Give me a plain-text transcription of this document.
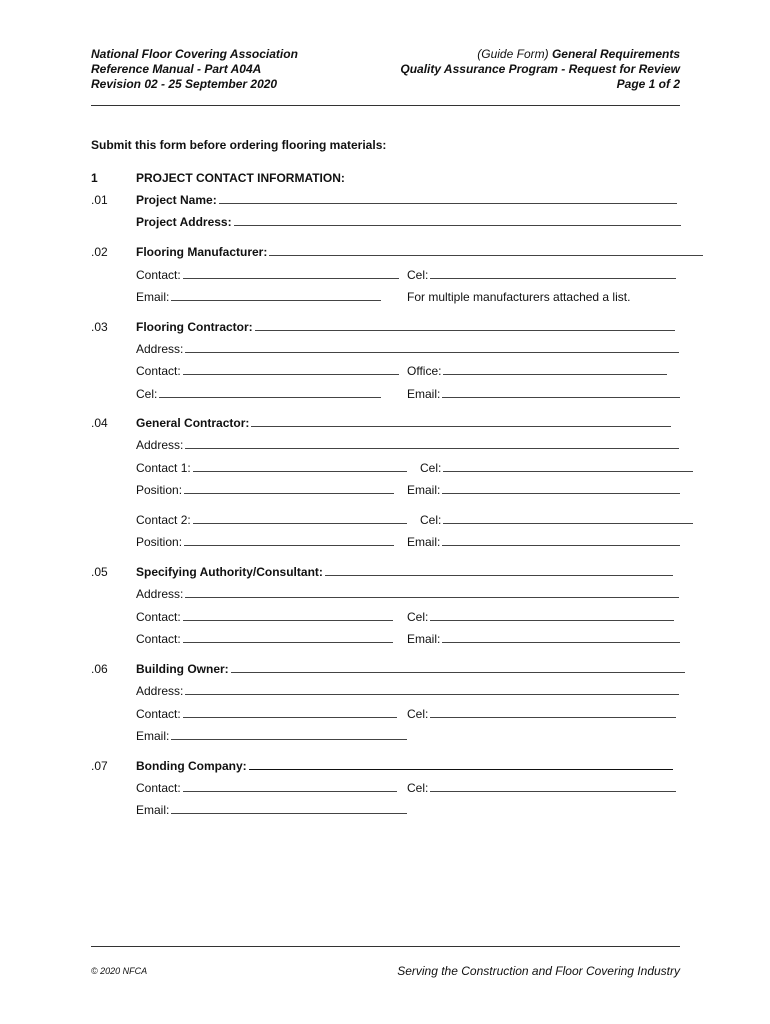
National Floor Covering Association
Reference Manual - Part A04A
Revision 02 - 25 September 2020
(Guide Form) General Requirements
Quality Assurance Program - Request for Review
Page 1 of 2
Submit this form before ordering flooring materials:
1	PROJECT CONTACT INFORMATION:
.01 Project Name:
Project Address:
.02 Flooring Manufacturer:
Contact:	Cel:
Email:	For multiple manufacturers attached a list.
.03 Flooring Contractor:
Address:
Contact:	Office:
Cel:	Email:
.04 General Contractor:
Address:
Contact 1:	Cel:
Position:	Email:
Contact 2:	Cel:
Position:	Email:
.05 Specifying Authority/Consultant:
Address:
Contact:	Cel:
Contact:	Email:
.06 Building Owner:
Address:
Contact:	Cel:
Email:
.07 Bonding Company:
Contact:	Cel:
Email:
© 2020 NFCA	Serving the Construction and Floor Covering Industry
